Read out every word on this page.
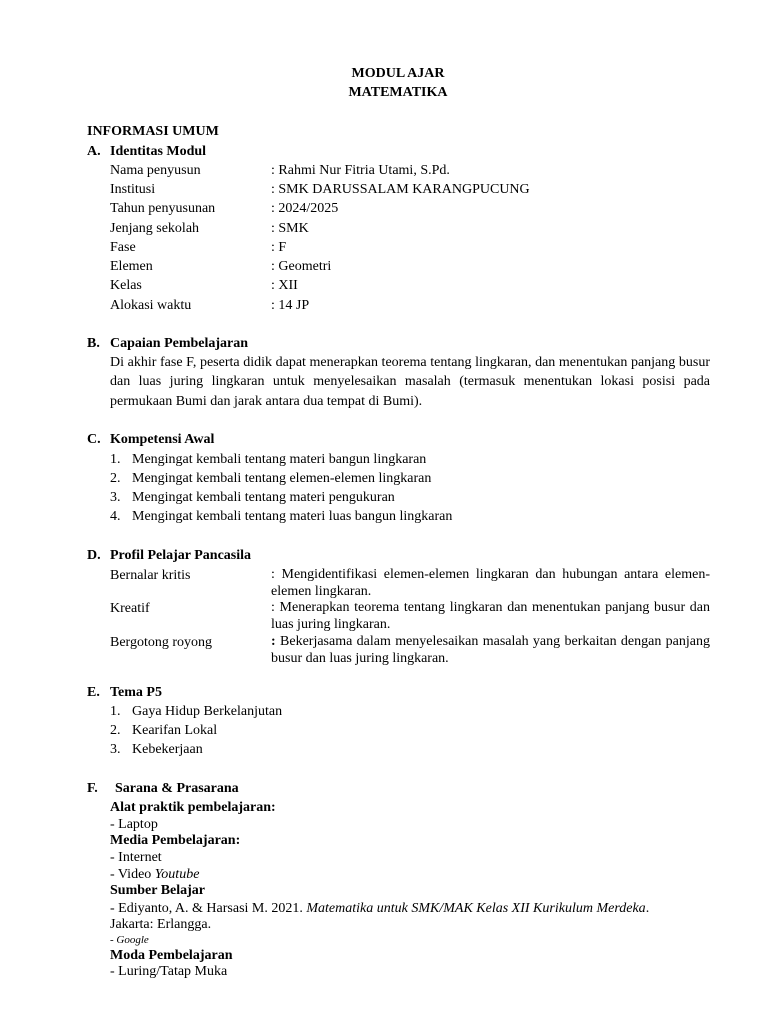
MODUL AJAR
MATEMATIKA
INFORMASI UMUM
A. Identitas Modul
Nama penyusun	: Rahmi Nur Fitria Utami, S.Pd.
Institusi	: SMK DARUSSALAM KARANGPUCUNG
Tahun penyusunan	: 2024/2025
Jenjang sekolah	: SMK
Fase	: F
Elemen	: Geometri
Kelas	: XII
Alokasi waktu	: 14 JP
B. Capaian Pembelajaran
Di akhir fase F, peserta didik dapat menerapkan teorema tentang lingkaran, dan menentukan panjang busur dan luas juring lingkaran untuk menyelesaikan masalah (termasuk menentukan lokasi posisi pada permukaan Bumi dan jarak antara dua tempat di Bumi).
C. Kompetensi Awal
1. Mengingat kembali tentang materi bangun lingkaran
2. Mengingat kembali tentang elemen-elemen lingkaran
3. Mengingat kembali tentang materi pengukuran
4. Mengingat kembali tentang materi luas bangun lingkaran
D. Profil Pelajar Pancasila
Bernalar kritis	: Mengidentifikasi elemen-elemen lingkaran dan hubungan antara elemen-elemen lingkaran.
Kreatif	: Menerapkan teorema tentang lingkaran dan menentukan panjang busur dan luas juring lingkaran.
Bergotong royong	: Bekerjasama dalam menyelesaikan masalah yang berkaitan dengan panjang busur dan luas juring lingkaran.
E. Tema P5
1. Gaya Hidup Berkelanjutan
2. Kearifan Lokal
3. Kebekerjaan
F. Sarana & Prasarana
Alat praktik pembelajaran:
- Laptop
Media Pembelajaran:
- Internet
- Video Youtube
Sumber Belajar
- Ediyanto, A. & Harsasi M. 2021. Matematika untuk SMK/MAK Kelas XII Kurikulum Merdeka.
Jakarta: Erlangga.
- Google
Moda Pembelajaran
- Luring/Tatap Muka
